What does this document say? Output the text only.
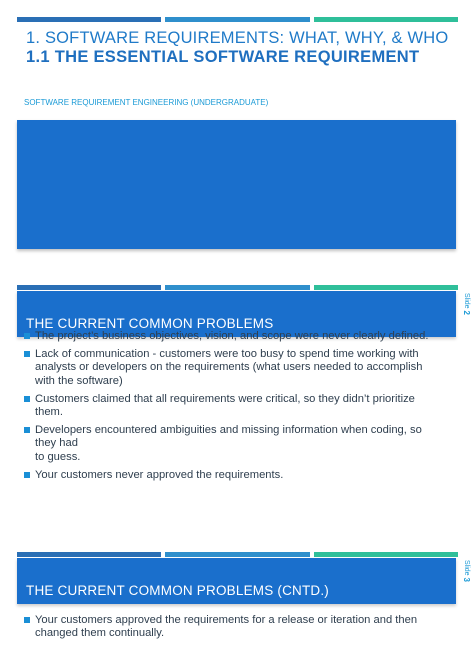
1. SOFTWARE REQUIREMENTS: WHAT, WHY, & WHO
1.1 THE ESSENTIAL SOFTWARE REQUIREMENT
SOFTWARE REQUIREMENT ENGINEERING (UNDERGRADUATE)
THE CURRENT COMMON PROBLEMS
Slide 2
The project’s business objectives, vision, and scope were never clearly defined.
Lack of communication - customers were too busy to spend time working with analysts or developers on the requirements (what users needed to accomplish with the software)
Customers claimed that all requirements were critical, so they didn’t prioritize them.
Developers encountered ambiguities and missing information when coding, so they had
to guess.
Your customers never approved the requirements.
THE CURRENT COMMON PROBLEMS (CNTD.)
Slide 3
Your customers approved the requirements for a release or iteration and then changed them continually.
